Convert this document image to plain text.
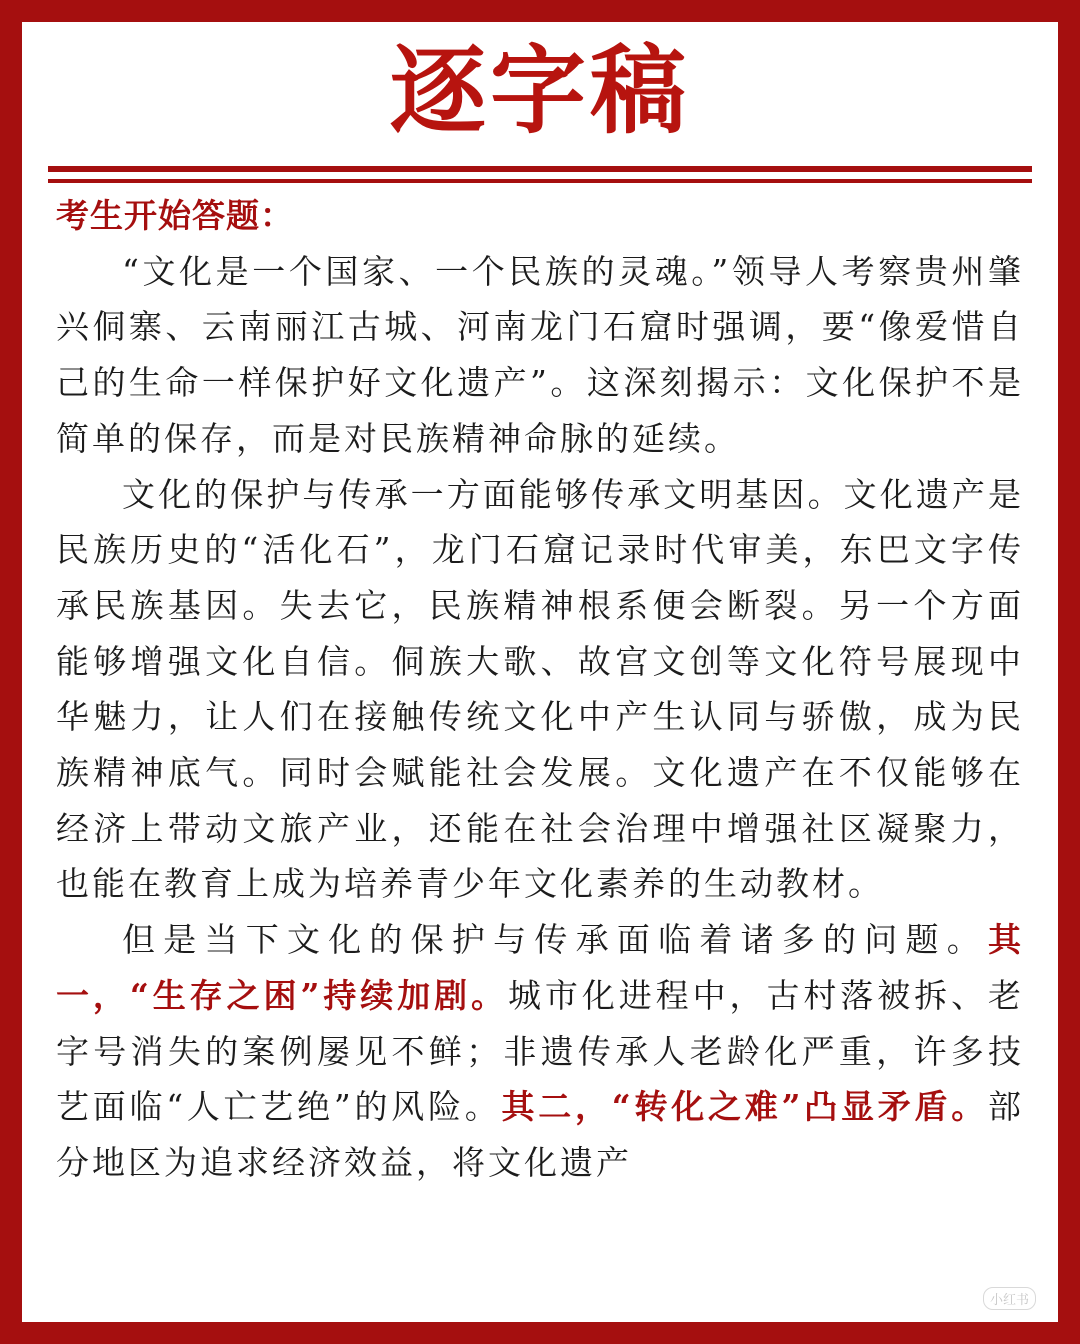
逐字稿
考生开始答题：

“文化是一个国家、一个民族的灵魂。”领导人考察贵州肇兴侗寨、云南丽江古城、河南龙门石窟时强调，要“像爱惜自己的生命一样保护好文化遗产”。这深刻揭示：文化保护不是简单的保存，而是对民族精神命脉的延续。

文化的保护与传承一方面能够传承文明基因。文化遗产是民族历史的“活化石”，龙门石窟记录时代审美，东巴文字传承民族基因。失去它，民族精神根系便会断裂。另一个方面能够增强文化自信。侗族大歌、故宫文创等文化符号展现中华魅力，让人们在接触传统文化中产生认同与骄傲，成为民族精神底气。同时会赋能社会发展。文化遗产在不仅能够在经济上带动文旅产业，还能在社会治理中增强社区凝聚力，也能在教育上成为培养青少年文化素养的生动教材。

但是当下文化的保护与传承面临着诸多的问题。其一，“生存之困”持续加剧。城市化进程中，古村落被拆、老字号消失的案例屡见不鲜；非遗传承人老龄化严重，许多技艺面临“人亡艺绝”的风险。其二，“转化之难”凸显矛盾。部分地区为追求经济效益，将文化遗产

小红书
